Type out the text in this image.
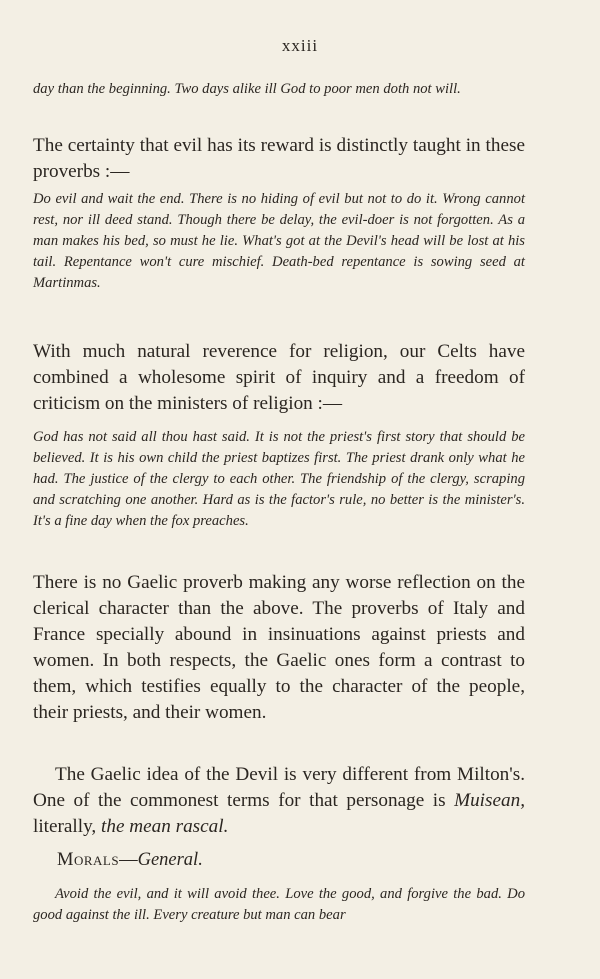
xxiii

day than the beginning. Two days alike ill God to poor men doth not will.

The certainty that evil has its reward is distinctly taught in these proverbs :—

Do evil and wait the end. There is no hiding of evil but not to do it. Wrong cannot rest, nor ill deed stand. Though there be delay, the evil-doer is not forgotten. As a man makes his bed, so must he lie. What's got at the Devil's head will be lost at his tail. Repentance won't cure mischief. Death-bed repentance is sowing seed at Martinmas.

With much natural reverence for religion, our Celts have combined a wholesome spirit of inquiry and a freedom of criticism on the ministers of religion :—

God has not said all thou hast said. It is not the priest's first story that should be believed. It is his own child the priest baptizes first. The priest drank only what he had. The justice of the clergy to each other. The friendship of the clergy, scraping and scratching one another. Hard as is the factor's rule, no better is the minister's. It's a fine day when the fox preaches.

There is no Gaelic proverb making any worse reflection on the clerical character than the above. The proverbs of Italy and France specially abound in insinuations against priests and women. In both respects, the Gaelic ones form a contrast to them, which testifies equally to the character of the people, their priests, and their women.

The Gaelic idea of the Devil is very different from Milton's. One of the commonest terms for that personage is Muisean, literally, the mean rascal.

Morals—General.

Avoid the evil, and it will avoid thee. Love the good, and forgive the bad. Do good against the ill. Every creature but man can bear
